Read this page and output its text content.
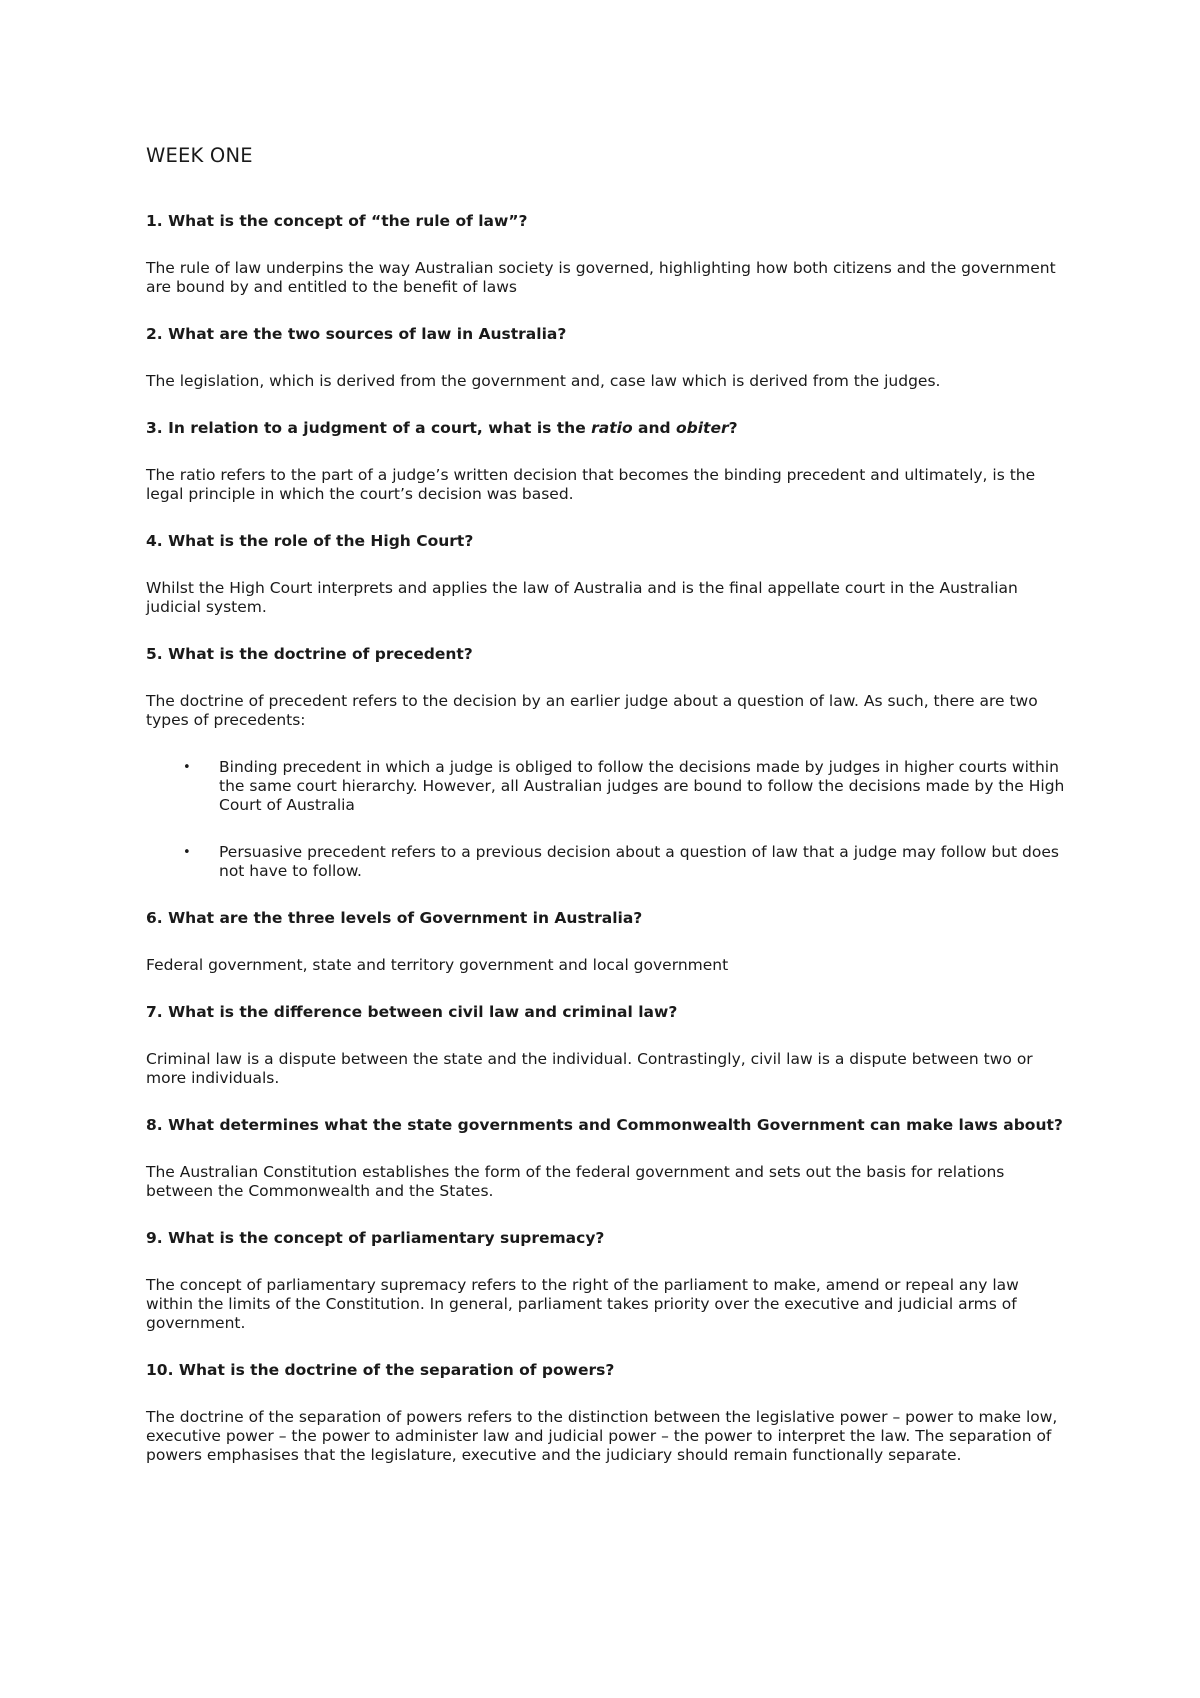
WEEK ONE

1. What is the concept of “the rule of law”?

The rule of law underpins the way Australian society is governed, highlighting how both citizens and the government are bound by and entitled to the benefit of laws

2. What are the two sources of law in Australia?

The legislation, which is derived from the government and, case law which is derived from the judges.

3. In relation to a judgment of a court, what is the ratio and obiter?

The ratio refers to the part of a judge’s written decision that becomes the binding precedent and ultimately, is the legal principle in which the court’s decision was based.

4. What is the role of the High Court?

Whilst the High Court interprets and applies the law of Australia and is the final appellate court in the Australian judicial system.

5. What is the doctrine of precedent?

The doctrine of precedent refers to the decision by an earlier judge about a question of law. As such, there are two types of precedents:

• Binding precedent in which a judge is obliged to follow the decisions made by judges in higher courts within the same court hierarchy. However, all Australian judges are bound to follow the decisions made by the High Court of Australia
• Persuasive precedent refers to a previous decision about a question of law that a judge may follow but does not have to follow.

6. What are the three levels of Government in Australia?

Federal government, state and territory government and local government

7. What is the difference between civil law and criminal law?

Criminal law is a dispute between the state and the individual. Contrastingly, civil law is a dispute between two or more individuals.

8. What determines what the state governments and Commonwealth Government can make laws about?

The Australian Constitution establishes the form of the federal government and sets out the basis for relations between the Commonwealth and the States.

9. What is the concept of parliamentary supremacy?

The concept of parliamentary supremacy refers to the right of the parliament to make, amend or repeal any law within the limits of the Constitution. In general, parliament takes priority over the executive and judicial arms of government.

10. What is the doctrine of the separation of powers?

The doctrine of the separation of powers refers to the distinction between the legislative power – power to make low, executive power – the power to administer law and judicial power – the power to interpret the law. The separation of powers emphasises that the legislature, executive and the judiciary should remain functionally separate.
